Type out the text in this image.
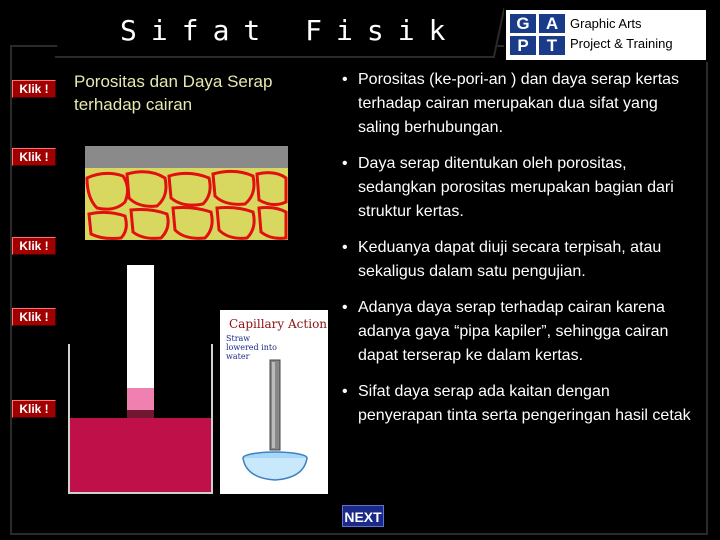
Sifat Fisik	G A
P	T
Graphic Arts
Project & Training
Klik !
Klik !
Klik !
Klik !
Klik !
Porositas dan Daya Serap terhadap cairan
• Porositas (ke-pori-an ) dan daya serap kertas terhadap cairan merupakan dua sifat yang saling berhubungan.
• Daya serap ditentukan oleh porositas, sedangkan porositas merupakan bagian dari struktur kertas.
• Keduanya dapat diuji secara terpisah, atau sekaligus dalam satu pengujian.
• Adanya daya serap terhadap cairan karena adanya gaya “pipa kapiler”, sehingga cairan dapat terserap ke dalam kertas.
• Sifat daya serap ada kaitan dengan penyerapan tinta serta pengeringan hasil cetak
Capillary Action
Straw lowered into water
NEXT
